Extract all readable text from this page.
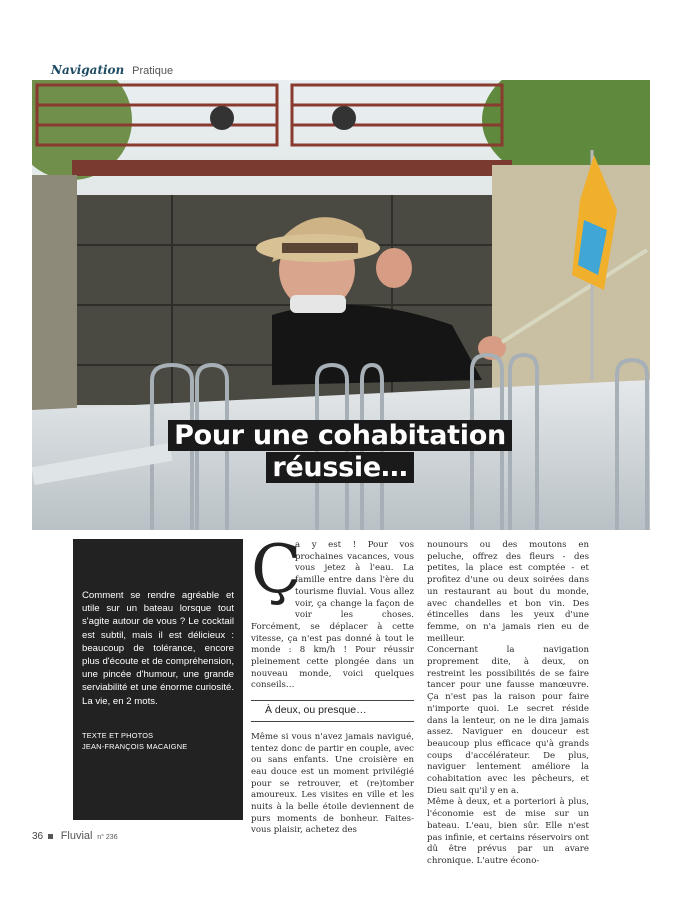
Navigation Pratique
Pour une cohabitation
réussie…

Comment se rendre agréable et utile sur un bateau lorsque tout s'agite autour de vous ? Le cocktail est subtil, mais il est délicieux : beaucoup de tolérance, encore plus d'écoute et de compréhension, une pincée d'humour, une grande serviabilité et une énorme curiosité. La vie, en 2 mots.

TEXTE ET PHOTOS
JEAN-FRANÇOIS MACAIGNE
Ç

a y est ! Pour vos prochaines vacances, vous vous jetez à l'eau. La famille entre dans l'ère du tourisme fluvial. Vous allez voir, ça change la façon de voir les choses. Forcément, se déplacer à cette vitesse, ça n'est pas donné à tout le monde : 8 km/h ! Pour réussir pleinement cette plongée dans un nouveau monde, voici quelques conseils…

À deux, ou presque…

Même si vous n'avez jamais navigué, tentez donc de partir en couple, avec ou sans enfants. Une croisière en eau douce est un moment privilégié pour se retrouver, et (re)tomber amoureux. Les visites en ville et les nuits à la belle étoile deviennent de purs moments de bonheur. Faites-vous plaisir, achetez des

nounours ou des moutons en peluche, offrez des fleurs - des petites, la place est comptée - et profitez d'une ou deux soirées dans un restaurant au bout du monde, avec chandelles et bon vin. Des étincelles dans les yeux d'une femme, on n'a jamais rien eu de meilleur.

Concernant la navigation proprement dite, à deux, on restreint les possibilités de se faire tancer pour une fausse manœuvre. Ça n'est pas la raison pour faire n'importe quoi. Le secret réside dans la lenteur, on ne le dira jamais assez. Naviguer en douceur est beaucoup plus efficace qu'à grands coups d'accélérateur. De plus, naviguer lentement améliore la cohabitation avec les pêcheurs, et Dieu sait qu'il y en a.

Même à deux, et a porteriori à plus, l'économie est de mise sur un bateau. L'eau, bien sûr. Elle n'est pas infinie, et certains réservoirs ont dû être prévus par un avare chronique. L'autre écono-

36 Fluvial n° 236
